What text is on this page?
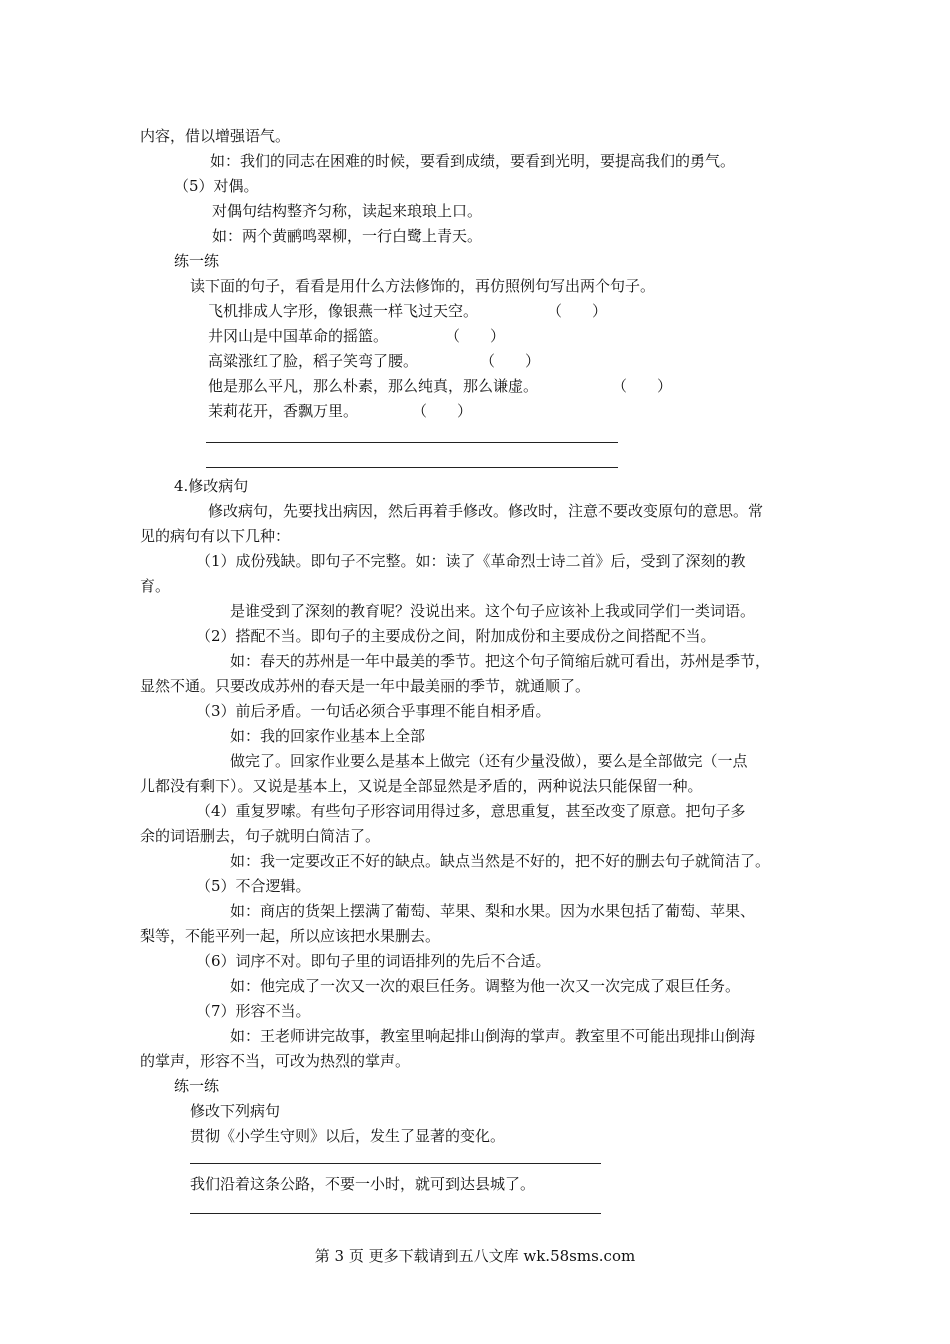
内容，借以增强语气。
如：我们的同志在困难的时候，要看到成绩，要看到光明，要提高我们的勇气。
（5）对偶。
对偶句结构整齐匀称，读起来琅琅上口。
如：两个黄鹂鸣翠柳，一行白鹭上青天。
练一练
读下面的句子，看看是用什么方法修饰的，再仿照例句写出两个句子。
飞机排成人字形，像银燕一样飞过天空。	（　　）
井冈山是中国革命的摇篮。	（　　）
高粱涨红了脸，稻子笑弯了腰。	（　　）
他是那么平凡，那么朴素，那么纯真，那么谦虚。	（　　）
茉莉花开，香飘万里。	（　　）
4.修改病句
修改病句，先要找出病因，然后再着手修改。修改时，注意不要改变原句的意思。常
见的病句有以下几种：
（1）成份残缺。即句子不完整。如：读了《革命烈士诗二首》后，受到了深刻的教
育。
是谁受到了深刻的教育呢？没说出来。这个句子应该补上我或同学们一类词语。
（2）搭配不当。即句子的主要成份之间，附加成份和主要成份之间搭配不当。
如：春天的苏州是一年中最美的季节。把这个句子简缩后就可看出，苏州是季节，
显然不通。只要改成苏州的春天是一年中最美丽的季节，就通顺了。
（3）前后矛盾。一句话必须合乎事理不能自相矛盾。
如：我的回家作业基本上全部
做完了。回家作业要么是基本上做完（还有少量没做），要么是全部做完（一点
儿都没有剩下）。又说是基本上，又说是全部显然是矛盾的，两种说法只能保留一种。
（4）重复罗嗦。有些句子形容词用得过多，意思重复，甚至改变了原意。把句子多
余的词语删去，句子就明白简洁了。
如：我一定要改正不好的缺点。缺点当然是不好的，把不好的删去句子就简洁了。
（5）不合逻辑。
如：商店的货架上摆满了葡萄、苹果、梨和水果。因为水果包括了葡萄、苹果、
梨等，不能平列一起，所以应该把水果删去。
（6）词序不对。即句子里的词语排列的先后不合适。
如：他完成了一次又一次的艰巨任务。调整为他一次又一次完成了艰巨任务。
（7）形容不当。
如：王老师讲完故事，教室里响起排山倒海的掌声。教室里不可能出现排山倒海
的掌声，形容不当，可改为热烈的掌声。
练一练
修改下列病句
贯彻《小学生守则》以后，发生了显著的变化。
我们沿着这条公路，不要一小时，就可到达县城了。
第 3 页 更多下载请到五八文库 wk.58sms.com
